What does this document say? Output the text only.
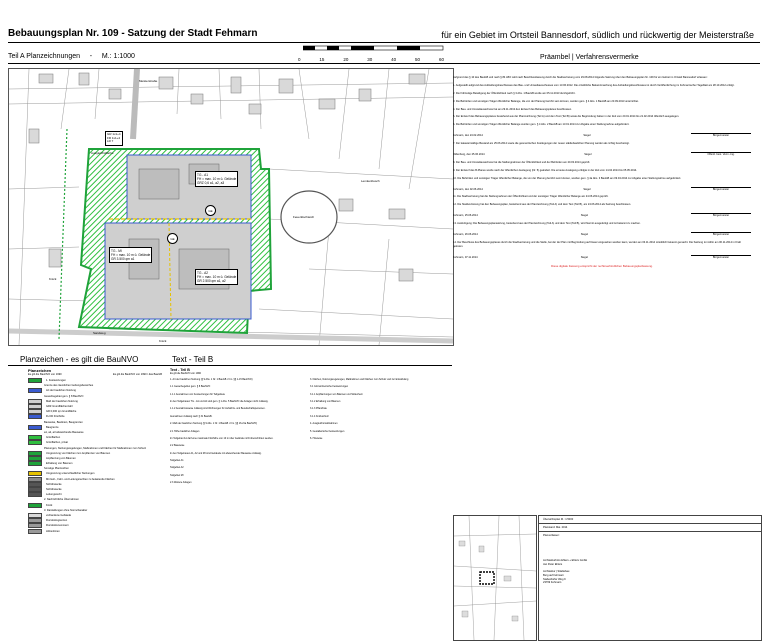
Bebauungsplan Nr. 109 - Satzung der Stadt Fehmarn	für ein Gebiet im Ortsteil Bannesdorf, südlich und rückwertig der Meisterstraße
0	15	20	30	40	50	60
Teil A Planzeichnungen - M.: 1:1000	Präambel | Verfahrensvermerke
Meisterstraße
Feuerlöschteich
Lemkenbusch
Sandweg
Knick
Knick
Ausgleichsfläche
GR 1x1+4
FR 1x1+4
LR 7
TG - A1
FH = max. 10 m ü. Gelände
GRZ 0,6 a1, a2, a3
TG - A2
FH = max. 10 m ü. Gelände
GR 2.500 qm a1, a2
TG - MI
FH = max. 10 m ü. Gelände
GR 3.500 qm a1
GE
GE
Planzeichen - es gilt die BauNVO	Text - Teil B
Planzeichen
Es gilt die BauNVO von 1990	Es gilt die BauNVO von 1990 / das BauGB
1. Festsetzungen
Grenze des räumlichen Geltungsbereiches
Art der baulichen Nutzung
Gewerbegebiet gem. § 8 BauNVO
Maß der baulichen Nutzung
GRZ Grundflächenzahl
GR 0,000 qm Grundfläche
FH 00 Firsthöhe
Bauweise, Baulinien, Baugrenzen
Baugrenze
a1, a2, a3 abweichende Bauweise
Grünflächen
Grünflächen, privat
Planungen, Nutzungsregelungen, Maßnahmen und Flächen für Maßnahmen zum Schutz
Umgrenzung von Flächen zum Anpflanzen von Bäumen
Anpflanzung von Bäumen
Erhaltung von Bäumen
Sonstige Planzeichen
Umgrenzung unterschiedlicher Nutzungen
Mit Geh-, Fahr- und Leitungsrechten zu belastende Flächen
Sichtdreiecke
Sichtdreiecke
Leitungsrecht
2. Nachrichtliche Übernahmen
Knick
3. Darstellungen ohne Normcharakter
vorhandene Gebäude
Flurstücksgrenzen
Flurstücksnummern
Höhenlinien
Text - Teil B
Es gilt die BauNVO von 1990
1. Art der baulichen Nutzung (§ 9 Abs. 1 Nr. 1 BauGB i.V.m. §§ 1-15 BauNVO)
1.1 Gewerbegebiet gem. § 8 BauNVO
1.1.1 Ausnahmen von Festsetzungen für Teilgebiete
In den Teilgebieten TG - A1 und A2 sind gem. § 1 Abs. 5 BauNVO die Anlagen nicht zulässig.
1.1.2 Ausnahmsweise zulässig sind Wohnungen für Aufsichts- und Bereitschaftspersonen.
Ausnahmen zulässig nach § 31 BauGB.
2. Maß der baulichen Nutzung (§ 9 Abs. 1 Nr. 1 BauGB i.V.m. §§ 16-21a BauNVO)
2.1 Höhe baulicher Anlagen
Im Teilgebiet A1 darf eine maximale Firsthöhe von 10 m über Gelände nicht überschritten werden.
2.2 Bauweise
In den Teilgebieten A1, A2 und MI sind Gebäude mit abweichender Bauweise zulässig.
Teilgebiet A1
Teilgebiet A2
Teilgebiet MI
2.3 Weitere Anlagen
3. Flächen, Nutzungsregelungen, Maßnahmen und Flächen zum Schutz und zur Entwicklung
3.1 Grünordnerische Festsetzungen
3.1.1 Anpflanzungen von Bäumen und Sträuchern
3.1.2 Erhaltung von Bäumen
3.1.3 Pflanzliste
3.1.4 Knickschutz
4. Ausgleichsmaßnahmen
5. Gestalterische Festsetzungen
6. Hinweise

Aufgrund des § 10 des BauGB und nach § 84 LBO wird nach Beschlussfassung durch die Stadtvertretung vom 29.08.2014 folgende Satzung über den Bebauungsplan Nr. 109 für ein Gebiet im Ortsteil Bannesdorf erlassen:

1. Aufgestellt aufgrund des Aufstellungsbeschlusses des Bau- und Umweltausschusses vom 13.06.2012. Die ortsübliche Bekanntmachung des Aufstellungsbeschlusses ist durch Veröffentlichung im Fehmarnscher Tageblatt am 28.10.2012 erfolgt.

2. Die frühzeitige Beteiligung der Öffentlichkeit nach § 3 Abs. 1 BauGB wurde am 05.11.2013 durchgeführt.

3. Die Behörden und sonstigen Träger öffentlicher Belange, die von der Planung berührt sein können, wurden gem. § 4 Abs. 1 BauGB am 23.09.2013 unterrichtet.

4. Der Bau- und Umweltausschuss hat am 29.11.2013 den Entwurf des Bebauungsplanes beschlossen.

5. Der Entwurf des Bebauungsplanes bestehend aus der Planzeichnung (Teil A) und dem Text (Teil B) sowie die Begründung haben in der Zeit vom 20.01.2014 bis 21.02.2014 öffentlich ausgelegen.

6. Die Behörden und sonstigen Träger öffentlicher Belange wurden gem. § 4 Abs. 2 BauGB am 13.01.2014 zur Abgabe einer Stellungnahme aufgefordert.

Fehmarn, den 24.02.2014	Siegel	Bürgermeister

7. Der katastermäßige Bestand am 25.06.2014 sowie die geometrischen Festlegungen der neuen städtebaulichen Planung werden als richtig bescheinigt.

Oldenburg, den 25.06.2014	Siegel	Öffentl. best. Verm.-Ing.

8. Der Bau- und Umweltausschuss hat die Stellungnahmen der Öffentlichkeit und der Behörden am 20.03.2014 geprüft.

9. Der Entwurf des B-Planes wurde nach der öffentlichen Auslegung (Nr. 5) geändert. Die erneute Auslegung erfolgte in der Zeit vom 14.04.2014 bis 05.05.2014.

10. Die Behörden und sonstigen Träger öffentlicher Belange, die von der Planung berührt sein können, wurden gem. § 4a Abs. 3 BauGB am 09.04.2014 zur Abgabe einer Stellungnahme aufgefordert.

Fehmarn, den 02.06.2014	Siegel	Bürgermeister

11. Die Stadtvertretung hat die Stellungnahmen der Öffentlichkeit und der sonstigen Träger öffentlicher Belange am 24.06.2014 geprüft.

12. Die Stadtvertretung hat den Bebauungsplan, bestehend aus der Planzeichnung (Teil A) und dem Text (Teil B), am 24.06.2014 als Satzung beschlossen.

Fehmarn, 25.06.2014	Siegel	Bürgermeister

13. Ausfertigung: Die Bebauungsplansatzung, bestehend aus der Planzeichnung (Teil A) und dem Text (Teil B), wird hiermit ausgefertigt und ist bekannt zu machen.

Fehmarn, 26.06.2014	Siegel	Bürgermeister

14. Der Beschluss des Bebauungsplanes durch die Stadtvertretung und die Stelle, bei der der Plan mit Begründung auf Dauer eingesehen werden kann, wurden am 03.11.2014 ortsüblich bekannt gemacht. Die Satzung ist mithin am 06.11.2014 in Kraft getreten.

Fehmarn, 07.11.2014	Siegel	Bürgermeister

Diese digitale Fassung entspricht der rechtsverbindlichen Bebauungsplanfassung.

Übersichtsplan M.: 1:5000
Planstand: Mai. 2014
Planverfasser:
Architekturbüro Ehlers + Ehlers GmbH
Jan Peter Ehlers
Architektur | Städtebau
Burg auf Fehmarn
Staberdorfer Weg 9
23769 Fehmarn
